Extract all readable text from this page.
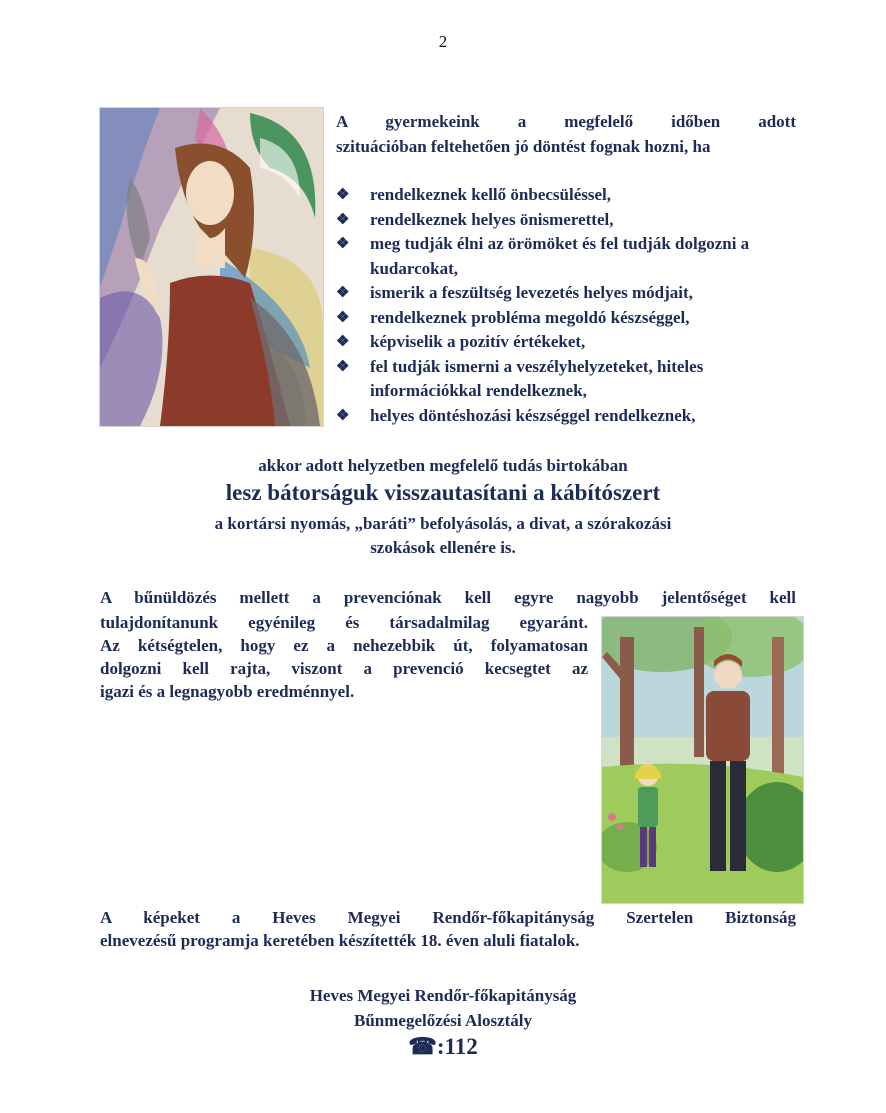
2

A gyermekeink a megfelelő időben adott
szituációban feltehetően jó döntést fognak hozni, ha

❖ rendelkeznek kellő önbecsüléssel,
❖ rendelkeznek helyes önismerettel,
❖ meg tudják élni az örömöket és fel tudják dolgozni a kudarcokat,
❖ ismerik a feszültség levezetés helyes módjait,
❖ rendelkeznek probléma megoldó készséggel,
❖ képviselik a pozitív értékeket,
❖ fel tudják ismerni a veszélyhelyzeteket, hiteles információkkal rendelkeznek,
❖ helyes döntéshozási készséggel rendelkeznek,
akkor adott helyzetben megfelelő tudás birtokában
lesz bátorságuk visszautasítani a kábítószert
a kortársi nyomás, „baráti” befolyásolás, a divat, a szórakozási
szokások ellenére is.

A bűnüldözés mellett a prevenciónak kell egyre nagyobb jelentőséget kell

tulajdonítanunk egyénileg és társadalmilag egyaránt.
Az kétségtelen, hogy ez a nehezebbik út, folyamatosan
dolgozni kell rajta, viszont a prevenció kecsegtet az
igazi és a legnagyobb eredménnyel.

A képeket a Heves Megyei Rendőr-főkapitányság Szertelen Biztonság
elnevezésű programja keretében készítették 18. éven aluli fiatalok.

Heves Megyei Rendőr-főkapitányság
Bűnmegelőzési Alosztály
☎:112
